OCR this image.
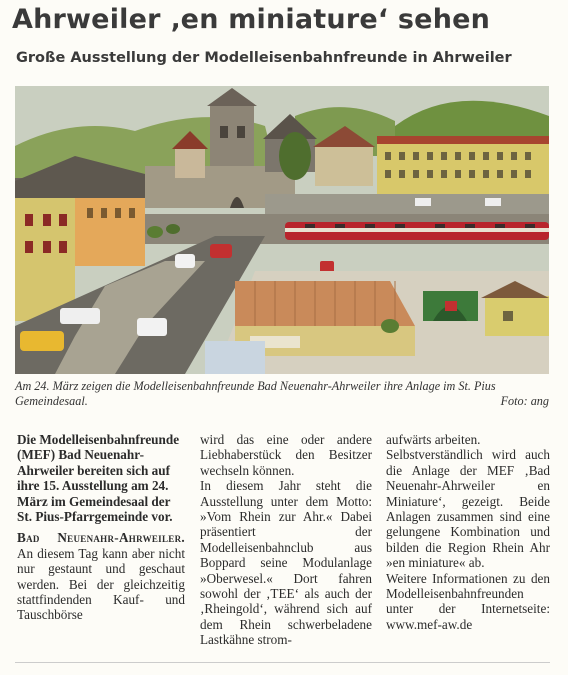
Ahrweiler ‚en miniature‘ sehen
Große Ausstellung der Modelleisenbahnfreunde in Ahrweiler
Am 24. März zeigen die Modelleisenbahnfreunde Bad Neuenahr-Ahrweiler ihre Anlage im St. Pius Gemeindesaal.	Foto: ang

Die Modelleisenbahnfreunde (MEF) Bad Neuenahr-Ahrweiler bereiten sich auf ihre 15. Ausstellung am 24. März im Gemeindesaal der St. Pius-Pfarrgemeinde vor.

Bad Neuenahr-Ahrweiler. An diesem Tag kann aber nicht nur gestaunt und geschaut werden. Bei der gleichzeitig stattfindenden Kauf- und Tauschbörse

wird das eine oder andere Liebhaberstück den Besitzer wechseln können.

In diesem Jahr steht die Ausstellung unter dem Motto: »Vom Rhein zur Ahr.« Dabei präsentiert der Modelleisenbahnclub aus Boppard seine Modulanlage »Oberwesel.« Dort fahren sowohl der ‚TEE‘ als auch der ‚Rheingold‘, während sich auf dem Rhein schwerbeladene Lastkähne strom-

aufwärts arbeiten.

Selbstverständlich wird auch die Anlage der MEF ‚Bad Neuenahr-Ahrweiler en Miniature‘, gezeigt. Beide Anlagen zusammen sind eine gelungene Kombination und bilden die Region Rhein Ahr »en miniature« ab.

Weitere Informationen zu den Modelleisenbahnfreunden unter der Internetseite: www.mef-aw.de
